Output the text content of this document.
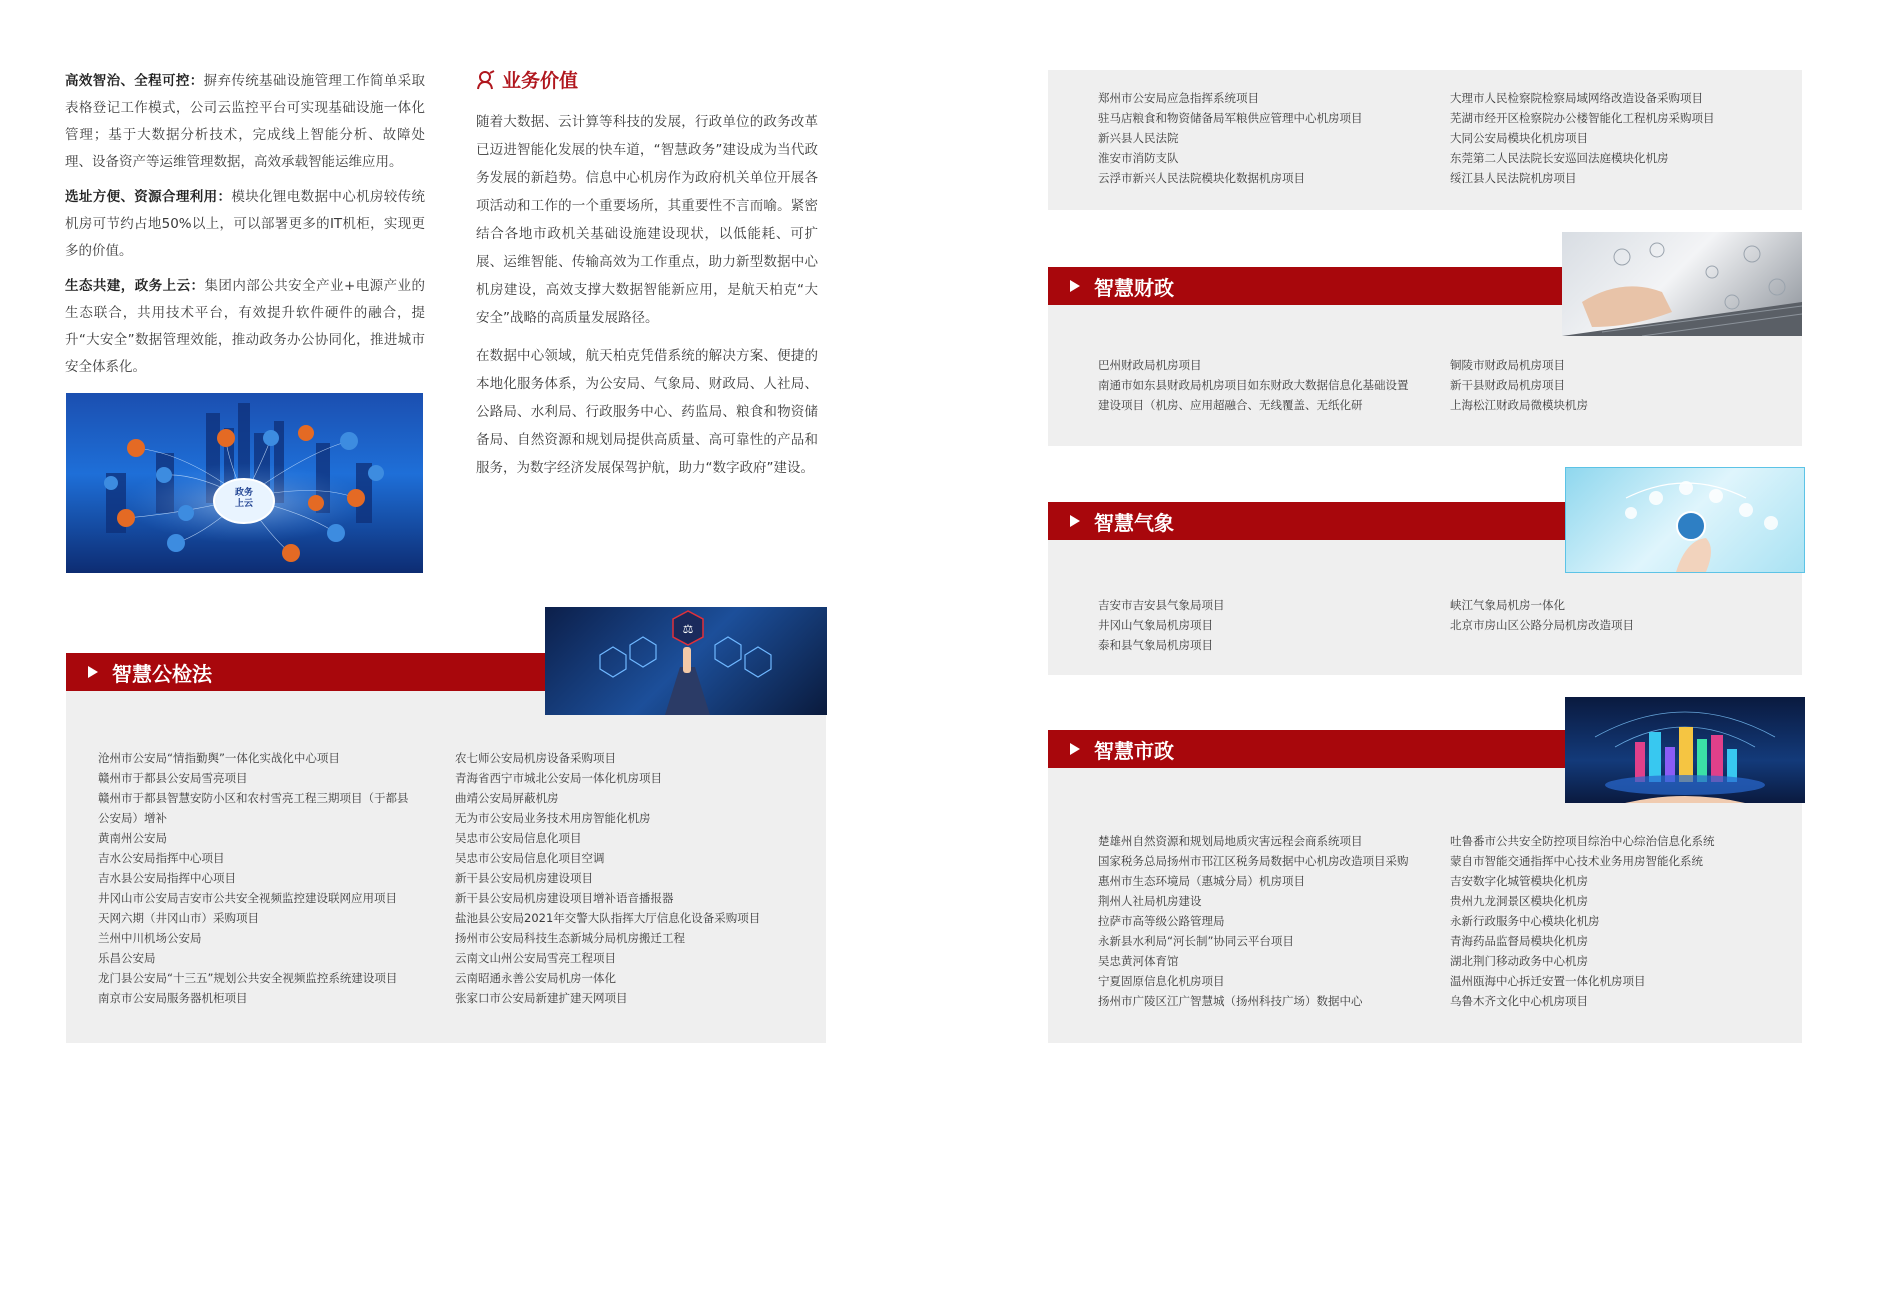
高效智治、全程可控：摒弃传统基础设施管理工作简单采取表格登记工作模式，公司云监控平台可实现基础设施一体化管理；基于大数据分析技术，完成线上智能分析、故障处理、设备资产等运维管理数据，高效承载智能运维应用。

选址方便、资源合理利用：模块化锂电数据中心机房较传统机房可节约占地50%以上，可以部署更多的IT机柜，实现更多的价值。

生态共建，政务上云：集团内部公共安全产业+电源产业的生态联合，共用技术平台，有效提升软件硬件的融合，提升“大安全”数据管理效能，推动政务办公协同化，推进城市安全体系化。

政务
上云
业务价值

随着大数据、云计算等科技的发展，行政单位的政务改革已迈进智能化发展的快车道，“智慧政务”建设成为当代政务发展的新趋势。信息中心机房作为政府机关单位开展各项活动和工作的一个重要场所，其重要性不言而喻。紧密结合各地市政机关基础设施建设现状，以低能耗、可扩展、运维智能、传输高效为工作重点，助力新型数据中心机房建设，高效支撑大数据智能新应用，是航天柏克“大安全”战略的高质量发展路径。

在数据中心领域，航天柏克凭借系统的解决方案、便捷的本地化服务体系，为公安局、气象局、财政局、人社局、公路局、水利局、行政服务中心、药监局、粮食和物资储备局、自然资源和规划局提供高质量、高可靠性的产品和服务，为数字经济发展保驾护航，助力“数字政府”建设。

智慧公检法
⚖
沧州市公安局“情指勤舆”一体化实战化中心项目
赣州市于都县公安局雪亮项目
赣州市于都县智慧安防小区和农村雪亮工程三期项目（于都县公安局）增补
黄南州公安局
吉水公安局指挥中心项目
吉水县公安局指挥中心项目
井冈山市公安局吉安市公共安全视频监控建设联网应用项目
天网六期（井冈山市）采购项目
兰州中川机场公安局
乐昌公安局
龙门县公安局“十三五”规划公共安全视频监控系统建设项目
南京市公安局服务器机柜项目
农七师公安局机房设备采购项目
青海省西宁市城北公安局一体化机房项目
曲靖公安局屏蔽机房
无为市公安局业务技术用房智能化机房
吴忠市公安局信息化项目
吴忠市公安局信息化项目空调
新干县公安局机房建设项目
新干县公安局机房建设项目增补语音播报器
盐池县公安局2021年交警大队指挥大厅信息化设备采购项目
扬州市公安局科技生态新城分局机房搬迁工程
云南文山州公安局雪亮工程项目
云南昭通永善公安局机房一体化
张家口市公安局新建扩建天网项目
郑州市公安局应急指挥系统项目
驻马店粮食和物资储备局军粮供应管理中心机房项目
新兴县人民法院
淮安市消防支队
云浮市新兴人民法院模块化数据机房项目
大理市人民检察院检察局域网络改造设备采购项目
芜湖市经开区检察院办公楼智能化工程机房采购项目
大同公安局模块化机房项目
东莞第二人民法院长安巡回法庭模块化机房
绥江县人民法院机房项目
智慧财政
巴州财政局机房项目
南通市如东县财政局机房项目如东财政大数据信息化基础设置建设项目（机房、应用超融合、无线覆盖、无纸化研
铜陵市财政局机房项目
新干县财政局机房项目
上海松江财政局微模块机房
智慧气象
吉安市吉安县气象局项目
井冈山气象局机房项目
泰和县气象局机房项目
峡江气象局机房一体化
北京市房山区公路分局机房改造项目
智慧市政
楚雄州自然资源和规划局地质灾害远程会商系统项目
国家税务总局扬州市邗江区税务局数据中心机房改造项目采购
惠州市生态环境局（惠城分局）机房项目
荆州人社局机房建设
拉萨市高等级公路管理局
永新县水利局“河长制”协同云平台项目
吴忠黄河体育馆
宁夏固原信息化机房项目
扬州市广陵区江广智慧城（扬州科技广场）数据中心
吐鲁番市公共安全防控项目综治中心综治信息化系统
蒙自市智能交通指挥中心技术业务用房智能化系统
吉安数字化城管模块化机房
贵州九龙洞景区模块化机房
永新行政服务中心模块化机房
青海药品监督局模块化机房
湖北荆门移动政务中心机房
温州瓯海中心拆迁安置一体化机房项目
乌鲁木齐文化中心机房项目
